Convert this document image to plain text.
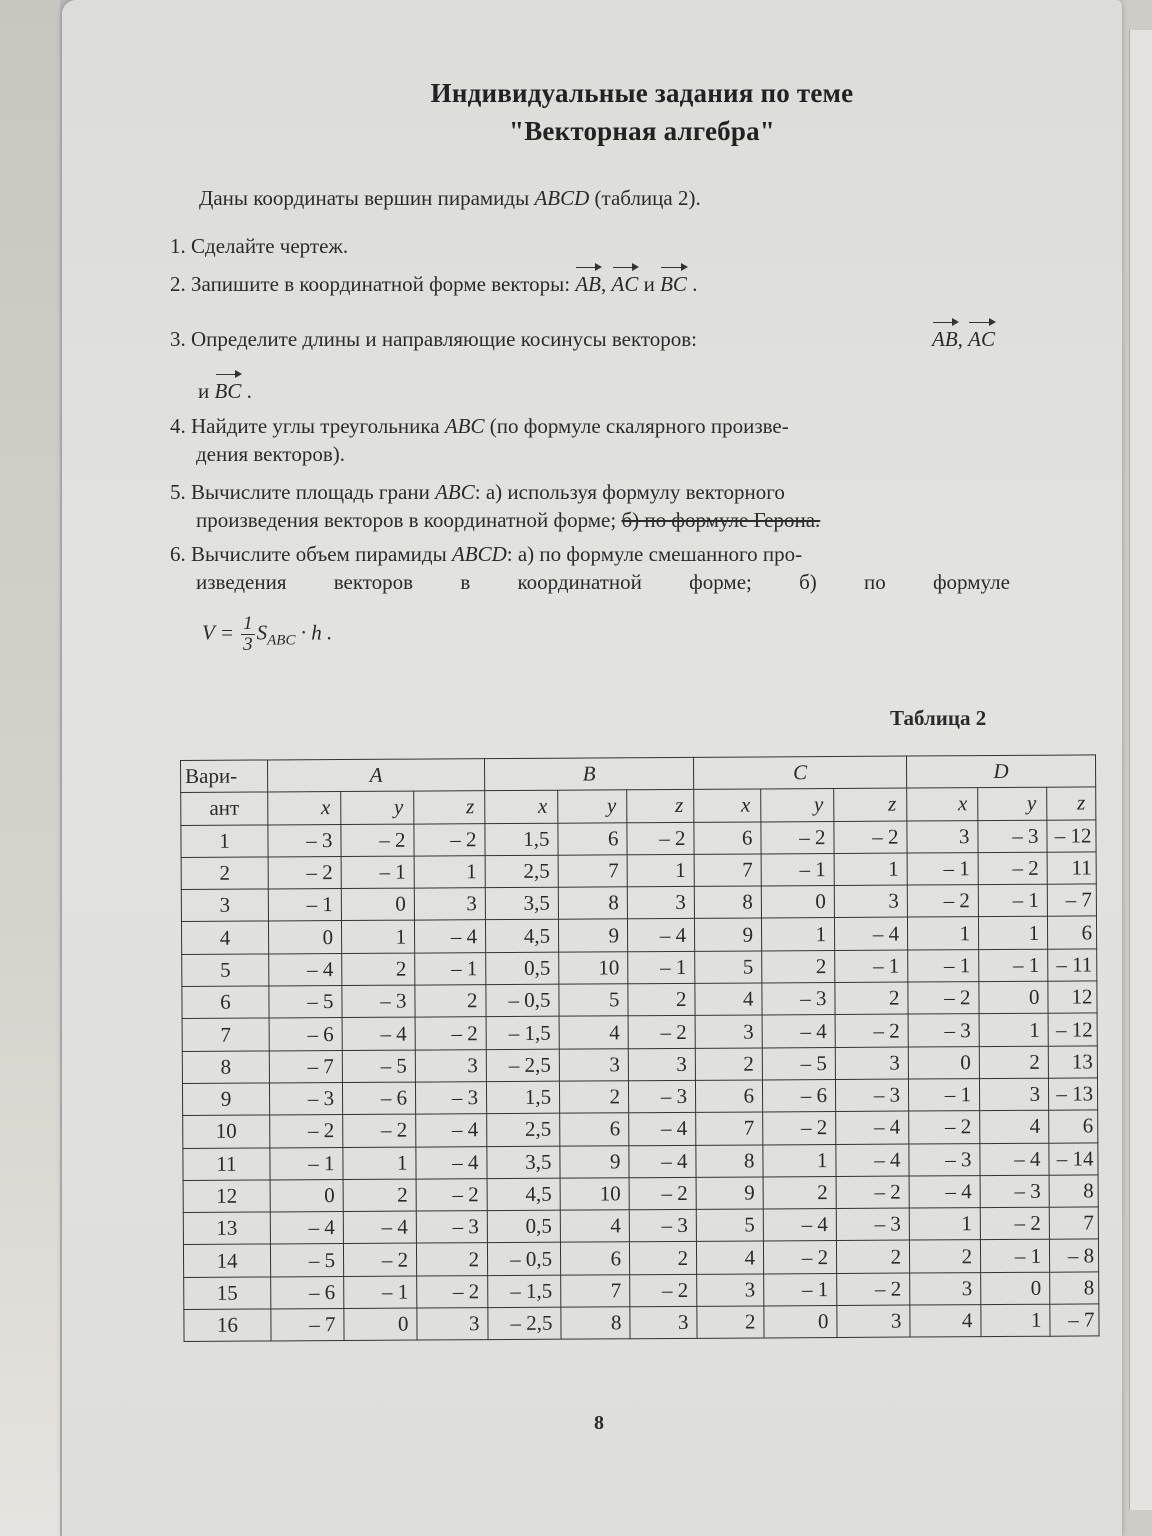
Индивидуальные задания по теме
"Векторная алгебра"
Даны координаты вершин пирамиды ABCD (таблица 2).
1. Сделайте чертеж.
2. Запишите в координатной форме векторы: AB, AC и BC .
3. Определите длины и направляющие косинусы векторов:	AB, AC
и BC .
4. Найдите углы треугольника ABC (по формуле скалярного произве-
дения векторов).
5. Вычислите площадь грани ABC: а) используя формулу векторного
произведения векторов в координатной форме; б) по формуле Герона.
6. Вычислите объем пирамиды ABCD: а) по формуле смешанного про-
изведения векторов в координатной форме; б) по формуле
$V = \frac{1}{3} S_{ABC} \cdot h$ .
Таблица 2
8
Вари-	A			B			C			D		
ант	x	y	z	x	y	z	x	y	z	x	y	z
1	– 3	– 2	– 2	1,5	6	– 2	6	– 2	– 2	3	– 3	– 12
2	– 2	– 1	1	2,5	7	1	7	– 1	1	– 1	– 2	11
3	– 1	0	3	3,5	8	3	8	0	3	– 2	– 1	– 7
4	0	1	– 4	4,5	9	– 4	9	1	– 4	1	1	6
5	– 4	2	– 1	0,5	10	– 1	5	2	– 1	– 1	– 1	– 11
6	– 5	– 3	2	– 0,5	5	2	4	– 3	2	– 2	0	12
7	– 6	– 4	– 2	– 1,5	4	– 2	3	– 4	– 2	– 3	1	– 12
8	– 7	– 5	3	– 2,5	3	3	2	– 5	3	0	2	13
9	– 3	– 6	– 3	1,5	2	– 3	6	– 6	– 3	– 1	3	– 13
10	– 2	– 2	– 4	2,5	6	– 4	7	– 2	– 4	– 2	4	6
11	– 1	1	– 4	3,5	9	– 4	8	1	– 4	– 3	– 4	– 14
12	0	2	– 2	4,5	10	– 2	9	2	– 2	– 4	– 3	8
13	– 4	– 4	– 3	0,5	4	– 3	5	– 4	– 3	1	– 2	7
14	– 5	– 2	2	– 0,5	6	2	4	– 2	2	2	– 1	– 8
15	– 6	– 1	– 2	– 1,5	7	– 2	3	– 1	– 2	3	0	8
16	– 7	0	3	– 2,5	8	3	2	0	3	4	1	– 7
